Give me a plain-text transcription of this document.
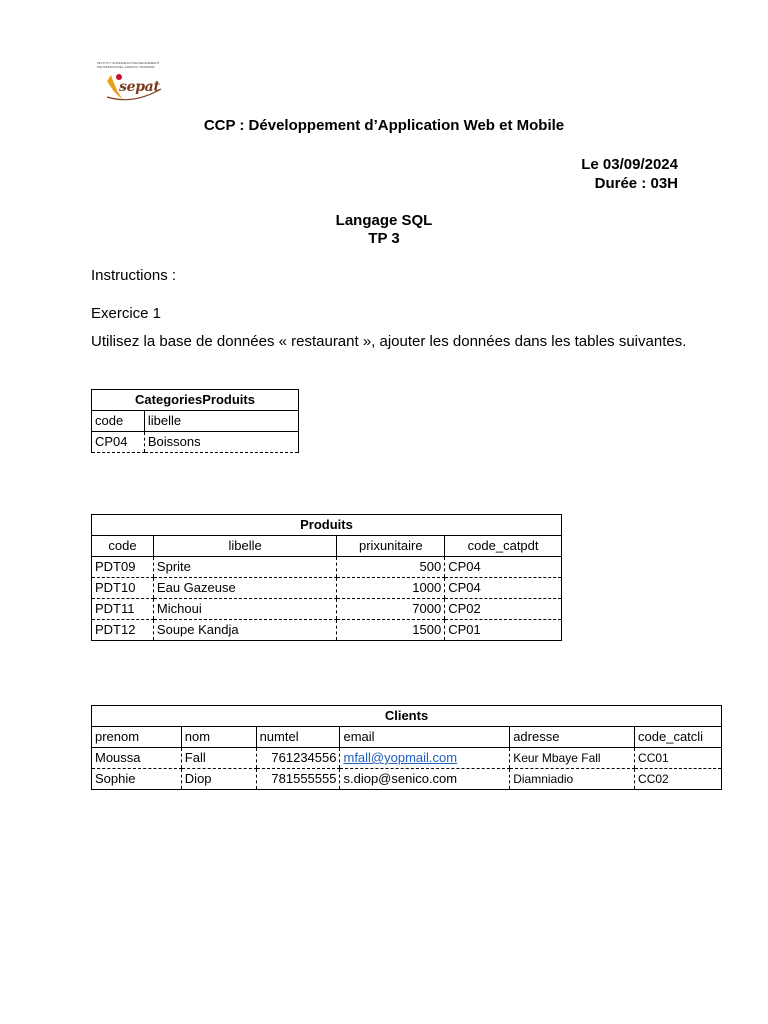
INSTITUT SUPERIEUR D'ENSEIGNEMENT
PROFESSIONNEL AMADOU TRAWARE
sepat
CCP : Développement d’Application Web et Mobile
Le 03/09/2024
Durée : 03H
Langage SQL
TP 3
Instructions :
Exercice 1
Utilisez la base de données « restaurant », ajouter les données dans les tables suivantes.
CategoriesProduits	
code	libelle
CP04	Boissons
Produits			
code	libelle	prixunitaire	code_catpdt
PDT09	Sprite	500	CP04
PDT10	Eau Gazeuse	1000	CP04
PDT11	Michoui	7000	CP02
PDT12	Soupe Kandja	1500	CP01
Clients					
prenom	nom	numtel	email	adresse	code_catcli
Moussa	Fall	761234556	mfall@yopmail.com	Keur Mbaye Fall	CC01
Sophie	Diop	781555555	s.diop@senico.com	Diamniadio	CC02
